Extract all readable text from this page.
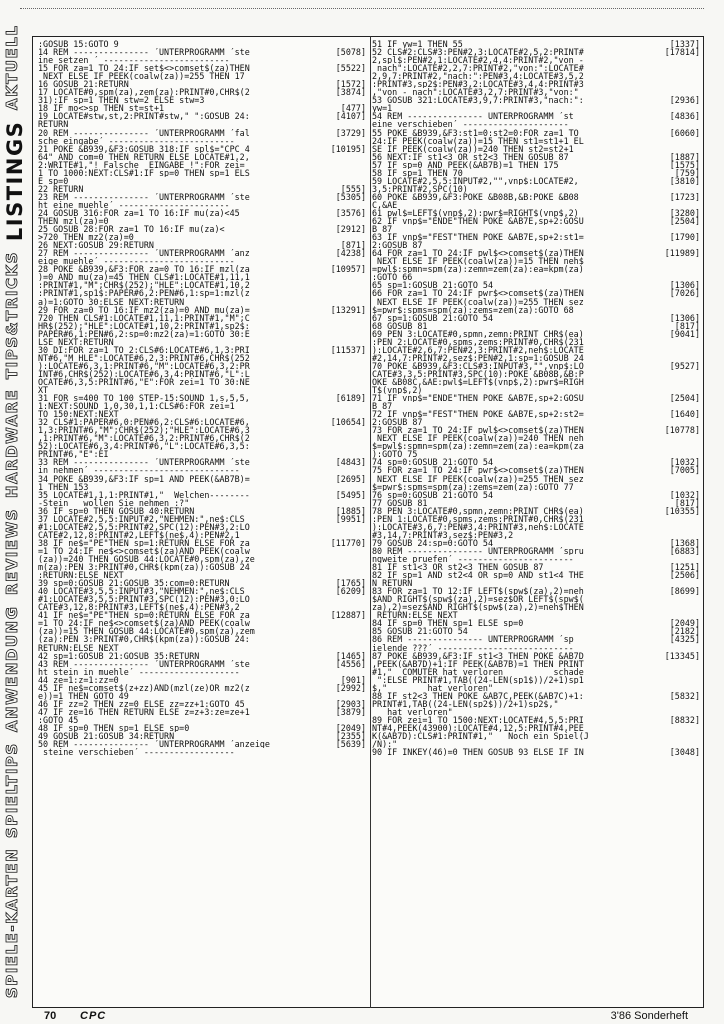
SPIELE-KARTEN
SPIELTIPS
ANWENDUNG
REVIEWS
HARDWARE
TIPS&TRICKS
LISTINGS
AKTUELL	:GOSUB 15:GOTO 9
14 REM --------------- ´UNTERPROGRAMM ´ste	[5078]
ine setzen ´ -------------------------
15 FOR za=1 TO 24:IF set$<>comset$(za)THEN	[5522]
NEXT ELSE IF PEEK(coalw(za))=255 THEN 17
16 GOSUB 21:RETURN	[1572]
17 LOCATE#0,spm(za),zem(za):PRINT#0,CHR$(2	[3874]
31):IF sp=1 THEN stw=2 ELSE stw=3
18 IF mo<>sp THEN st=st+1	[477]
19 LOCATE#stw,st,2:PRINT#stw," ":GOSUB 24:	[4107]
RETURN
20 REM --------------- ´UNTERPROGRAMM ´fal	[3729]
sche eingabe´ -------------------------
21 POKE &B939,&F3:GOSUB 318:IF spl$="CPC 4	[10195]
64" AND com=0 THEN RETURN ELSE LOCATE#1,2,
2:WRITE#1,"! Falsche  EINGABE !":FOR zei=
1 TO 1000:NEXT:CLS#1:IF sp=0 THEN sp=1 ELS
E sp=0
22 RETURN	[555]
23 REM --------------- ´UNTERPROGRAMM ´ste	[5305]
ht eine muehle´ ----------------------
24 GOSUB 316:FOR za=1 TO 16:IF mu(za)<45	[3576]
THEN mzl(za)=0
25 GOSUB 28:FOR za=1 TO 16:IF mu(za)<	[2912]
>720 THEN mz2(za)=0
26 NEXT:GOSUB 29:RETURN	[871]
27 REM --------------- ´UNTERPROGRAMM ´anz	[4238]
eige muehle´ --------------------------
28 POKE &B939,&F3:FOR za=0 TO 16:IF mzl(za	[10957]
)=0 AND mu(za)=45 THEN CLS#1:LOCATE#1,11,1
:PRINT#1,"M";CHR$(252);"HLE":LOCATE#1,10,2
:PRINT#1,sp1$:PAPER#6,2:PEN#6,1:sp=1:mzl(z
a)=1:GOTO 30:ELSE NEXT:RETURN
29 FOR za=0 TO 16:IF mz2(za)=0 AND mu(za)=	[13291]
720 THEN CLS#1:LOCATE#1,11,1:PRINT#1,"M";C
HR$(252);"HLE":LOCATE#1,10,2:PRINT#1,sp2$:
PAPER#6,1:PEN#6,2:sp=0:mz2(za)=1:GOTO 30:E
LSE NEXT:RETURN
30 DI:FOR za=1 TO 2:CLS#6:LOCATE#6,1,3:PRI	[11537]
NT#6,"M HLE":LOCATE#6,2,3:PRINT#6,CHR$(252
):LOCATE#6,3,1:PRINT#6,"M":LOCATE#6,3,2:PR
INT#6,CHR$(252):LOCATE#6,3,4:PRINT#6,"L":L
OCATE#6,3,5:PRINT#6,"E":FOR zei=1 TO 30:NE
XT
31 FOR s=400 TO 100 STEP-15:SOUND 1,s,5,5,	[6189]
1:NEXT:SOUND 1,0,30,1,1:CLS#6:FOR zei=1
TO 150:NEXT:NEXT
32 CLS#1:PAPER#6,0:PEN#6,2:CLS#6:LOCATE#6,	[10654]
1,3:PRINT#6,"M";CHR$(252);"HLE":LOCATE#6,3
,1:PRINT#6,"M":LOCATE#6,3,2:PRINT#6,CHR$(2
52):LOCATE#6,3,4:PRINT#6,"L":LOCATE#6,3,5:
PRINT#6,"E":EI
33 REM --------------- ´UNTERPROGRAMM ´ste	[4843]
in nehmen´ -----------------------------
34 POKE &B939,&F3:IF sp=1 AND PEEK(&AB7B)=	[2695]
1 THEN 153
35 LOCATE#1,1,1:PRINT#1,"  Welchen--------	[5495]
-Stein   wollen Sie nehmen :?"
36 IF sp=0 THEN GOSUB 40:RETURN	[1885]
37 LOCATE#2,5,5:INPUT#2,"NEHMEN:",ne$:CLS	[9951]
#1:LOCATE#2,5,5:PRINT#2,SPC(12):PEN#3,2:LO
CATE#2,12,8:PRINT#2,LEFT$(ne$,4):PEN#2,1
38 IF ne$="PE"THEN sp=1:RETURN ELSE FOR za	[11770]
=1 TO 24:IF ne$<>comset$(za)AND PEEK(coalw
(za))=240 THEN GOSUB 44:LOCATE#0,spm(za),ze
m(za):PEN 3:PRINT#0,CHR$(kpm(za)):GOSUB 24
:RETURN:ELSE NEXT
39 sp=0:GOSUB 21:GOSUB 35:com=0:RETURN	[1765]
40 LOCATE#3,5,5:INPUT#3,"NEHMEN:",ne$:CLS	[6209]
#1:LOCATE#3,5,5:PRINT#3,SPC(12):PEN#3,0:LO
CATE#3,12,8:PRINT#3,LEFT$(ne$,4):PEN#3,2
41 IF ne$="PE"THEN sp=0:RETURN ELSE FOR za	[12887]
=1 TO 24:IF ne$<>comset$(za)AND PEEK(coalw
(za))=15 THEN GOSUB 44:LOCATE#0,spm(za),zem
(za):PEN 3:PRINT#0,CHR$(kpm(za)):GOSUB 24:
RETURN:ELSE NEXT
42 sp=1:GOSUB 21:GOSUB 35:RETURN	[1465]
43 REM --------------- ´UNTERPROGRAMM ´ste	[4556]
ht stein in muehle´ --------------------
44 ze=1:z=1:zz=0	[901]
45 IF ne$=comset$(z+zz)AND(mzl(ze)OR mz2(z	[2992]
e))=1 THEN GOTO 49
46 IF zz=2 THEN zz=0 ELSE zz=zz+1:GOTO 45	[2903]
47 IF ze=16 THEN RETURN ELSE z=z+3:ze=ze+1	[3879]
:GOTO 45
48 IF sp=0 THEN sp=1 ELSE sp=0	[2049]
49 GOSUB 21:GOSUB 34:RETURN	[2355]
50 REM --------------- ´UNTERPROGRAMM ´anzeige	[5639]
steine verschieben´ ------------------
51 IF yw=1 THEN 55	[1337]
52 CLS#2:CLS#3:PEN#2,3:LOCATE#2,5,2:PRINT#	[17814]
2,spl$:PEN#2,1:LOCATE#2,4,4:PRINT#2,"von -
nach":LOCATE#2,2,7:PRINT#2,"von:":LOCATE#
2,9,7:PRINT#2,"nach:":PEN#3,4:LOCATE#3,5,2
:PRINT#3,sp2$:PEN#3,2:LOCATE#3,4,4:PRINT#3
,"von - nach":LOCATE#3,2,7:PRINT#3,"von:"
53 GOSUB 321:LOCATE#3,9,7:PRINT#3,"nach:":	[2936]
yw=1
54 REM --------------- UNTERPROGRAMM ´st	[4836]
eine verschieben´ ---------------------
55 POKE &B939,&F3:st1=0:st2=0:FOR za=1 TO	[6060]
24:IF PEEK(coalw(za))=15 THEN st1=st1+1 EL
SE IF PEEK(coalw(za))=240 THEN st2=st2+1
56 NEXT:IF st1<3 OR st2<3 THEN GOSUB 87	[1887]
57 IF sp=0 AND PEEK(&AB7B)=1 THEN 175	[1575]
58 IF sp=1 THEN 70	[759]
59 LOCATE#2,5,5:INPUT#2,"",vnp$:LOCATE#2,	[3810]
3,5:PRINT#2,SPC(10)
60 POKE &B939,&F3:POKE &B08B,&B:POKE &B08	[1723]
C,&AE
61 pwl$=LEFT$(vnp$,2):pwr$=RIGHT$(vnp$,2)	[3280]
62 IF vnp$="ENDE"THEN POKE &AB7E,sp+2:GOSU	[2504]
B 87
63 IF vnp$="FEST"THEN POKE &AB7E,sp+2:st1=	[1790]
2:GOSUB 87
64 FOR za=1 TO 24:IF pwl$<>comset$(za)THEN	[11989]
NEXT ELSE IF PEEK(coalw(za))=15 THEN neh$
=pwl$:spmn=spm(za):zemn=zem(za):ea=kpm(za)
:GOTO 66
65 sp=1:GOSUB 21:GOTO 54	[1306]
66 FOR za=1 TO 24:IF pwr$<>comset$(za)THEN	[7026]
NEXT ELSE IF PEEK(coalw(za))=255 THEN sez
$=pwr$:spms=spm(za):zems=zem(za):GOTO 68
67 sp=1:GOSUB 21:GOTO 54	[1306]
68 GOSUB 81	[817]
69 PEN 3:LOCATE#0,spmn,zemn:PRINT CHR$(ea)	[9041]
:PEN 2:LOCATE#0,spms,zems:PRINT#0,CHR$(231
):LOCATE#2,6,7:PEN#2,3:PRINT#2,neh$:LOCATE
#2,14,7:PRINT#2,sez$:PEN#2,1:sp=1:GOSUB 24
70 POKE &B939,&F3:CLS#3:INPUT#3,"",vnp$:LO	[9527]
CATE#3,3,5:PRINT#3,SPC(10):POKE &B08B,&B:P
OKE &B08C,&AE:pwl$=LEFT$(vnp$,2):pwr$=RIGH
T$(vnp$,2)
71 IF vnp$="ENDE"THEN POKE &AB7E,sp+2:GOSU	[2504]
B 87
72 IF vnp$="FEST"THEN POKE &AB7E,sp+2:st2=	[1640]
2:GOSUB 87
73 FOR za=1 TO 24:IF pwl$<>comset$(za)THEN	[10778]
NEXT ELSE IF PEEK(coalw(za))=240 THEN neh
$=pwl$:spmn=spm(za):zemn=zem(za):ea=kpm(za
):GOTO 75
74 sp=0:GOSUB 21:GOTO 54	[1032]
75 FOR za=1 TO 24:IF pwr$<>comset$(za)THEN	[7005]
NEXT ELSE IF PEEK(coalw(za))=255 THEN sez
$=pwr$:spms=spm(za):zems=zem(za):GOTO 77
76 sp=0:GOSUB 21:GOTO 54	[1032]
77 GOSUB 81	[817]
78 PEN 3:LOCATE#0,spmn,zemn:PRINT CHR$(ea)	[10355]
:PEN 1:LOCATE#0,spms,zems:PRINT#0,CHR$(231
):LOCATE#3,6,7:PEN#3,4:PRINT#3,neh$:LOCATE
#3,14,7:PRINT#3,sez$:PEN#3,2
79 GOSUB 24:sp=0:GOTO 54	[1368]
80 REM --------------- UNTERPROGRAMM ´spru	[6883]
ngweite pruefen´ -----------------------
81 IF st1<3 OR st2<3 THEN GOSUB 87	[1251]
82 IF sp=1 AND st2<4 OR sp=0 AND st1<4 THE	[2506]
N RETURN
83 FOR za=1 TO 12:IF LEFT$(spw$(za),2)=neh	[8699]
$AND RIGHT$(spw$(za),2)=sez$OR LEFT$(spw$(
za),2)=sez$AND RIGHT$(spw$(za),2)=neh$THEN
RETURN:ELSE NEXT
84 IF sp=0 THEN sp=1 ELSE sp=0	[2049]
85 GOSUB 21:GOTO 54	[2182]
86 REM --------------- UNTERPROGRAMM ´sp	[4325]
ielende ???´ ---------------------------
87 POKE &B939,&F3:IF st1<3 THEN POKE &AB7D	[13345]
,PEEK(&AB7D)+1:IF PEEK(&AB7B)=1 THEN PRINT
#1,"  COMUTER hat verloren          schade
":ELSE PRINT#1,TAB((24-LEN(sp1$))/2+1)sp1
$,"        hat verloren"
88 IF st2<3 THEN POKE &AB7C,PEEK(&AB7C)+1:	[5832]
PRINT#1,TAB((24-LEN(sp2$))/2+1)sp2$,"
hat verloren"
89 FOR zei=1 TO 1500:NEXT:LOCATE#4,5,5:PRI	[8832]
NT#4,PEEK(43900):LOCATE#4,12,5:PRINT#4,PEE
K(&AB7D):CLS#1:PRINT#1,"   Noch ein Spiel(J
/N):"
90 IF INKEY(46)=0 THEN GOSUB 93 ELSE IF IN	[3048]
70 CPC	3'86 Sonderheft
